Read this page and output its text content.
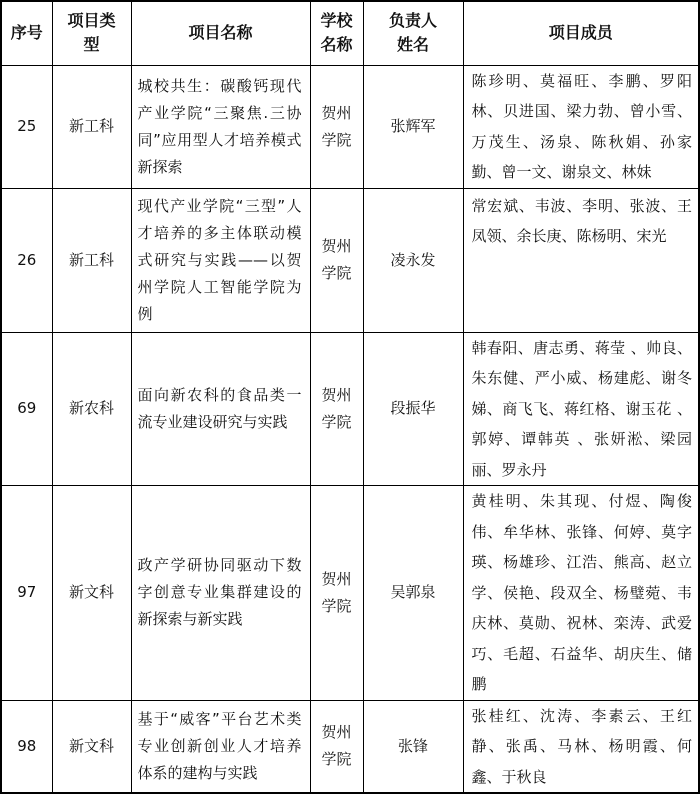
序号	项目类型	项目名称	学校名称	负责人姓名	项目成员
25	新工科	城校共生：碳酸钙现代产业学院“三聚焦.三协同”应用型人才培养模式新探索	贺州学院	张辉军	陈珍明、莫福旺、李鹏、罗阳林、贝进国、梁力勃、曾小雪、万茂生、汤泉、陈秋娟、孙家勤、曾一文、谢泉文、林妹
26	新工科	现代产业学院“三型”人才培养的多主体联动模式研究与实践——以贺州学院人工智能学院为例	贺州学院	凌永发	常宏斌、韦波、李明、张波、王凤领、余长庚、陈杨明、宋光
69	新农科	面向新农科的食品类一流专业建设研究与实践	贺州学院	段振华	韩春阳、唐志勇、蒋莹 、帅良、朱东健、严小威、杨建彪、谢冬娣、商飞飞、蒋红格、谢玉花 、郭婷、谭韩英 、张妍淞、梁园丽、罗永丹
97	新文科	政产学研协同驱动下数字创意专业集群建设的新探索与新实践	贺州学院	吴郭泉	黄桂明、朱其现、付煜、陶俊伟、牟华林、张锋、何婷、莫字瑛、杨雄珍、江浩、熊高、赵立学、侯艳、段双全、杨璧菀、韦庆林、莫勋、祝林、栾涛、武爱巧、毛超、石益华、胡庆生、储鹏
98	新文科	基于“威客”平台艺术类专业创新创业人才培养体系的建构与实践	贺州学院	张锋	张桂红、沈涛、李素云、王红静、张禹、马林、杨明霞、何鑫、于秋良
